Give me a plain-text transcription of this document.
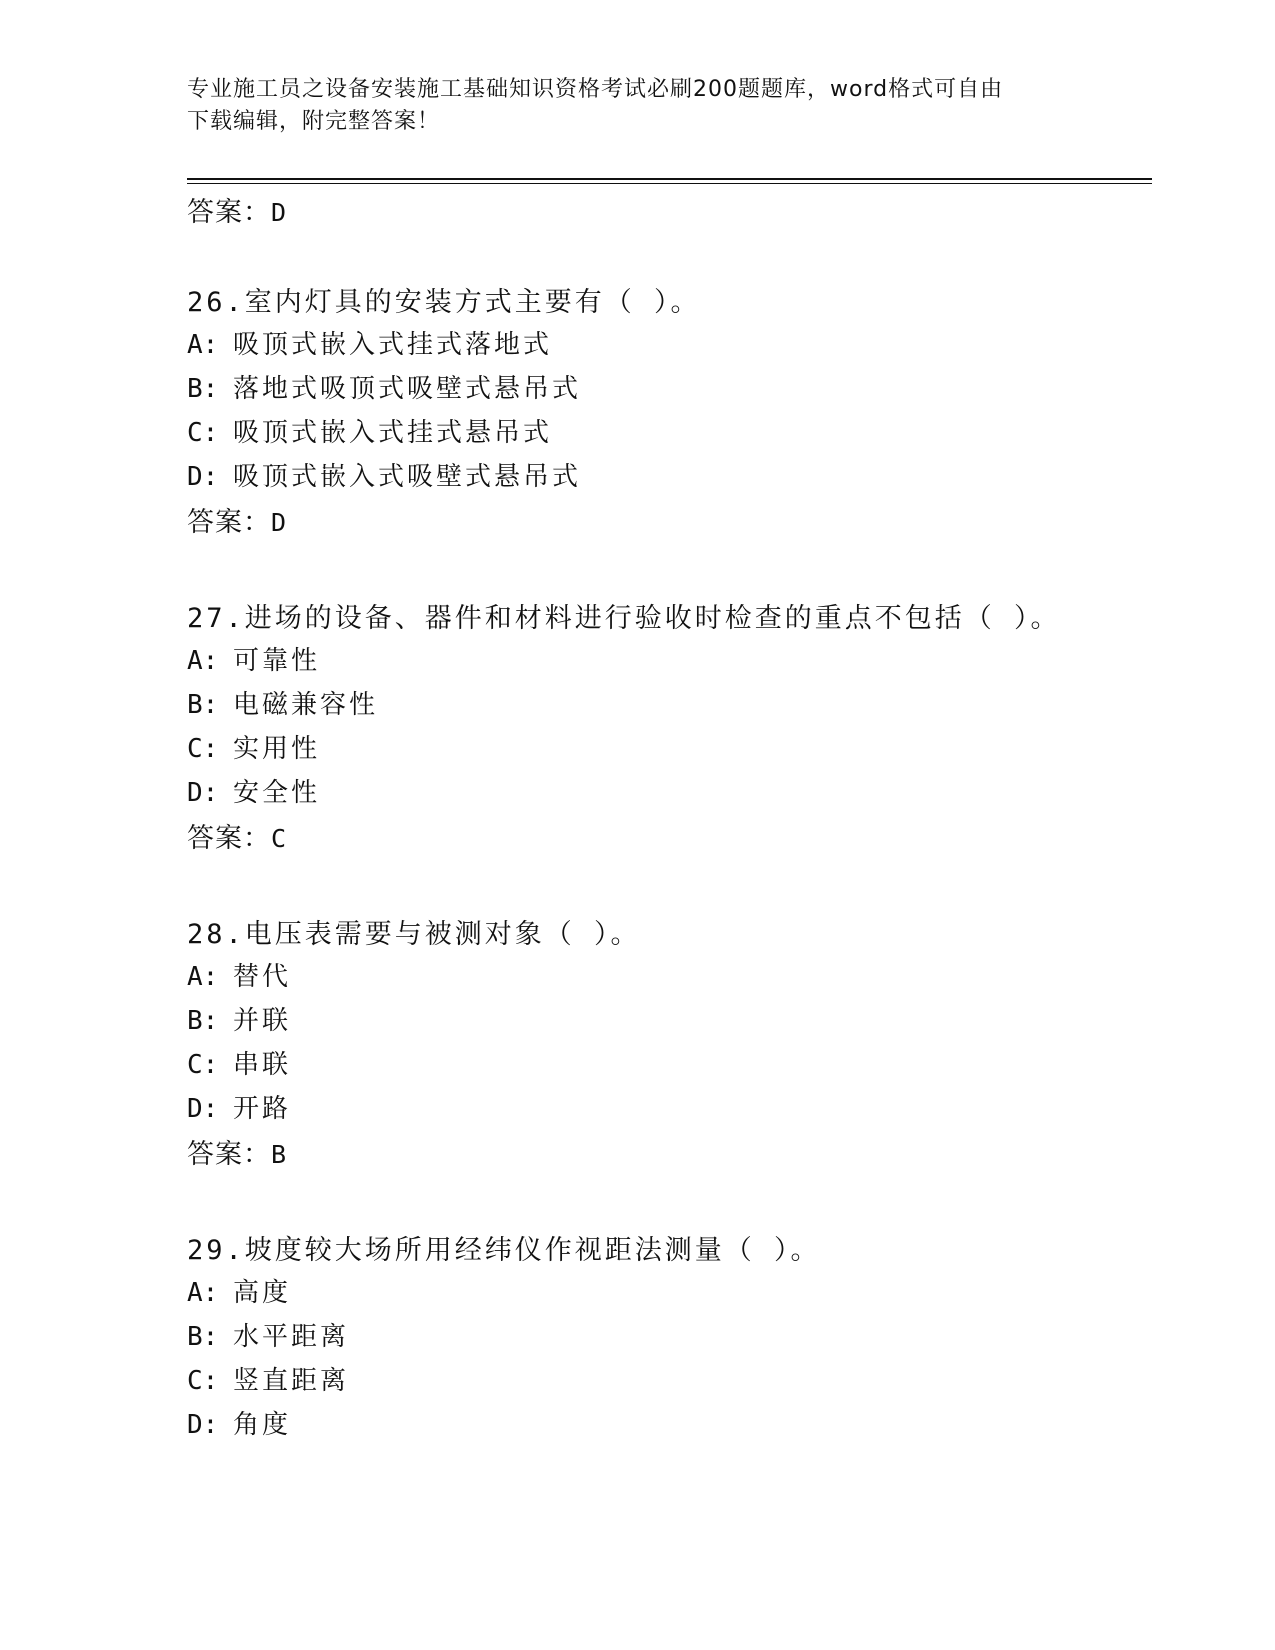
专业施工员之设备安装施工基础知识资格考试必刷200题题库，word格式可自由
下载编辑，附完整答案！
答案：D
26.室内灯具的安装方式主要有（ ）。
A: 吸顶式嵌入式挂式落地式
B: 落地式吸顶式吸壁式悬吊式
C: 吸顶式嵌入式挂式悬吊式
D: 吸顶式嵌入式吸壁式悬吊式
答案：D
27.进场的设备、器件和材料进行验收时检查的重点不包括（ ）。
A: 可靠性
B: 电磁兼容性
C: 实用性
D: 安全性
答案：C
28.电压表需要与被测对象（ ）。
A: 替代
B: 并联
C: 串联
D: 开路
答案：B
29.坡度较大场所用经纬仪作视距法测量（ ）。
A: 高度
B: 水平距离
C: 竖直距离
D: 角度
